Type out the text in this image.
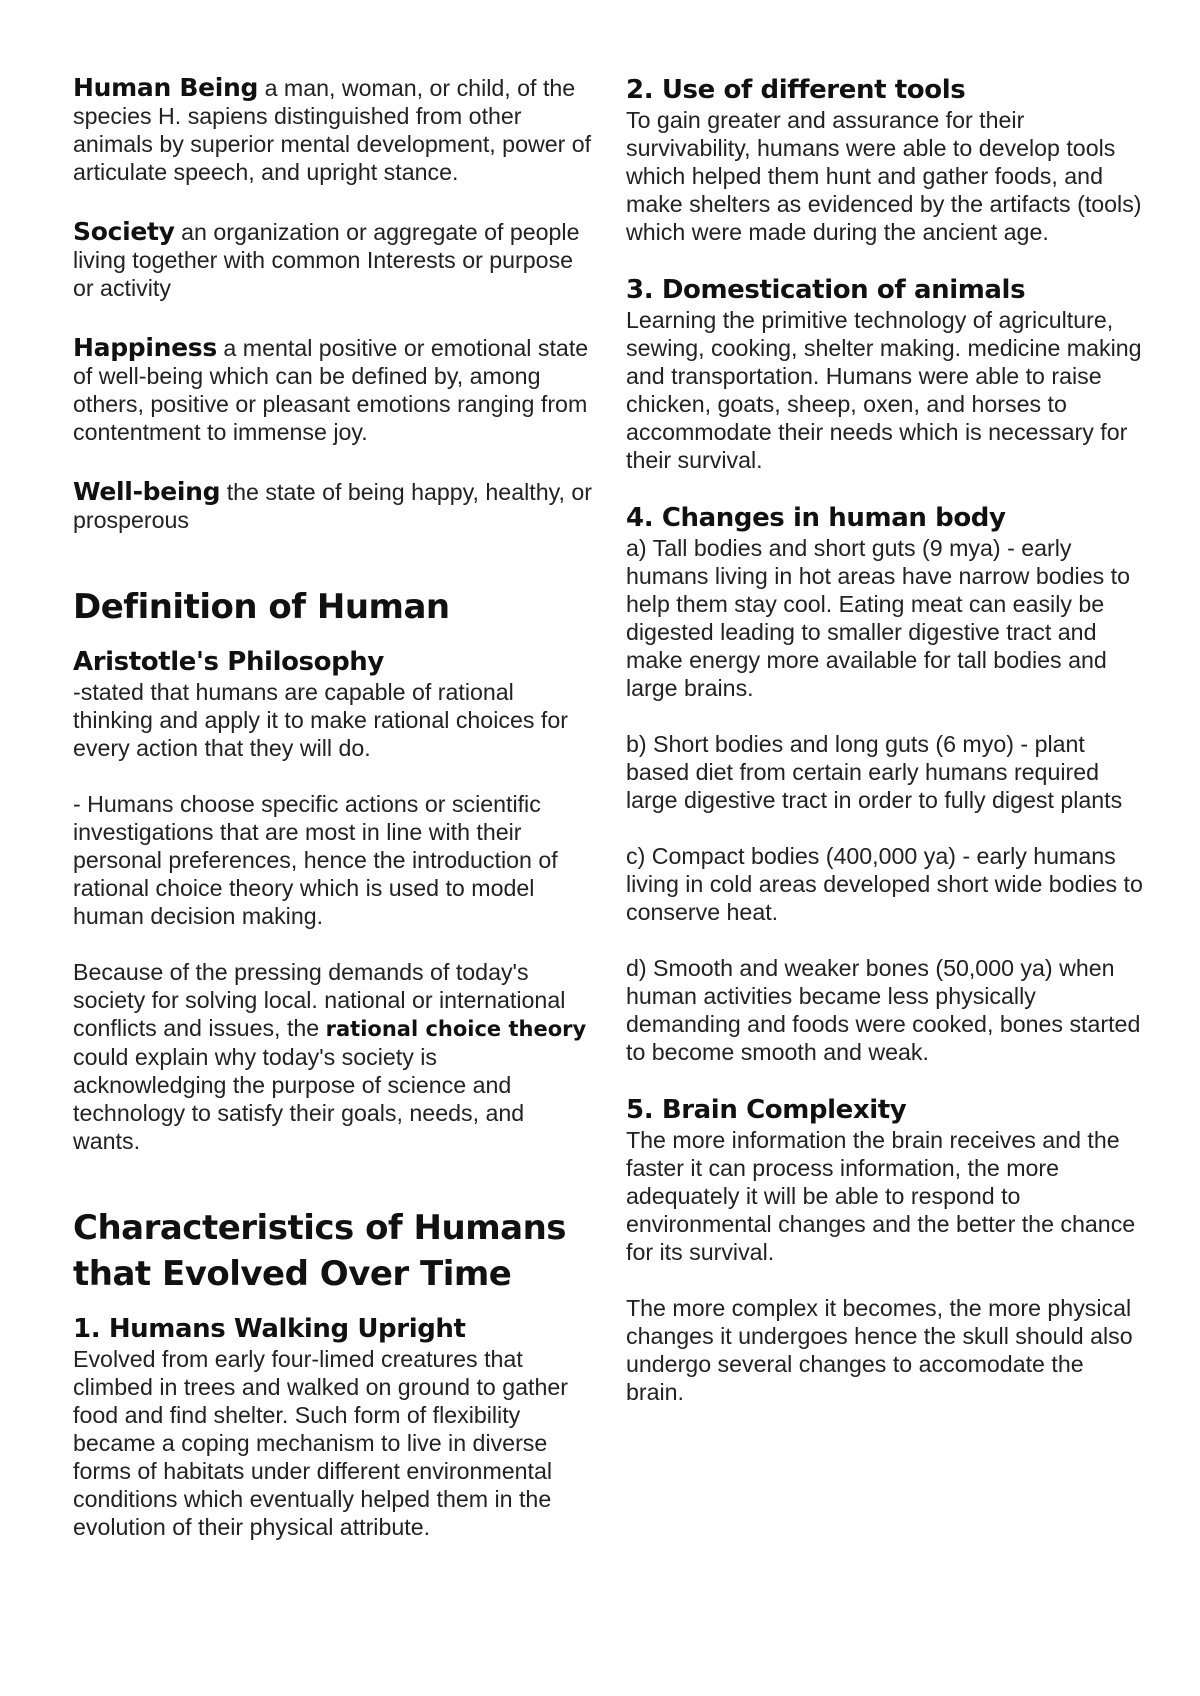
Human Being a man, woman, or child, of the species H. sapiens distinguished from other animals by superior mental development, power of articulate speech, and upright stance.

Society an organization or aggregate of people living together with common Interests or purpose or activity

Happiness a mental positive or emotional state of well-being which can be defined by, among others, positive or pleasant emotions ranging from contentment to immense joy.

Well-being the state of being happy, healthy, or prosperous

Definition of Human
Aristotle's Philosophy

-stated that humans are capable of rational thinking and apply it to make rational choices for every action that they will do.

- Humans choose specific actions or scientific investigations that are most in line with their personal preferences, hence the introduction of rational choice theory which is used to model human decision making.

Because of the pressing demands of today's society for solving local. national or international conflicts and issues, the rational choice theory could explain why today's society is acknowledging the purpose of science and technology to satisfy their goals, needs, and wants.

Characteristics of Humans that Evolved Over Time
1. Humans Walking Upright

Evolved from early four-limed creatures that climbed in trees and walked on ground to gather food and find shelter. Such form of flexibility became a coping mechanism to live in diverse forms of habitats under different environmental conditions which eventually helped them in the evolution of their physical attribute.

2. Use of different tools

To gain greater and assurance for their survivability, humans were able to develop tools which helped them hunt and gather foods, and make shelters as evidenced by the artifacts (tools) which were made during the ancient age.

3. Domestication of animals

Learning the primitive technology of agriculture, sewing, cooking, shelter making. medicine making and transportation. Humans were able to raise chicken, goats, sheep, oxen, and horses to accommodate their needs which is necessary for their survival.

4. Changes in human body

a) Tall bodies and short guts (9 mya) - early humans living in hot areas have narrow bodies to help them stay cool. Eating meat can easily be digested leading to smaller digestive tract and make energy more available for tall bodies and large brains.

b) Short bodies and long guts (6 myo) - plant based diet from certain early humans required large digestive tract in order to fully digest plants

c) Compact bodies (400,000 ya) - early humans living in cold areas developed short wide bodies to conserve heat.

d) Smooth and weaker bones (50,000 ya) when human activities became less physically demanding and foods were cooked, bones started to become smooth and weak.

5. Brain Complexity

The more information the brain receives and the faster it can process information, the more adequately it will be able to respond to environmental changes and the better the chance for its survival.

The more complex it becomes, the more physical changes it undergoes hence the skull should also undergo several changes to accomodate the brain.
